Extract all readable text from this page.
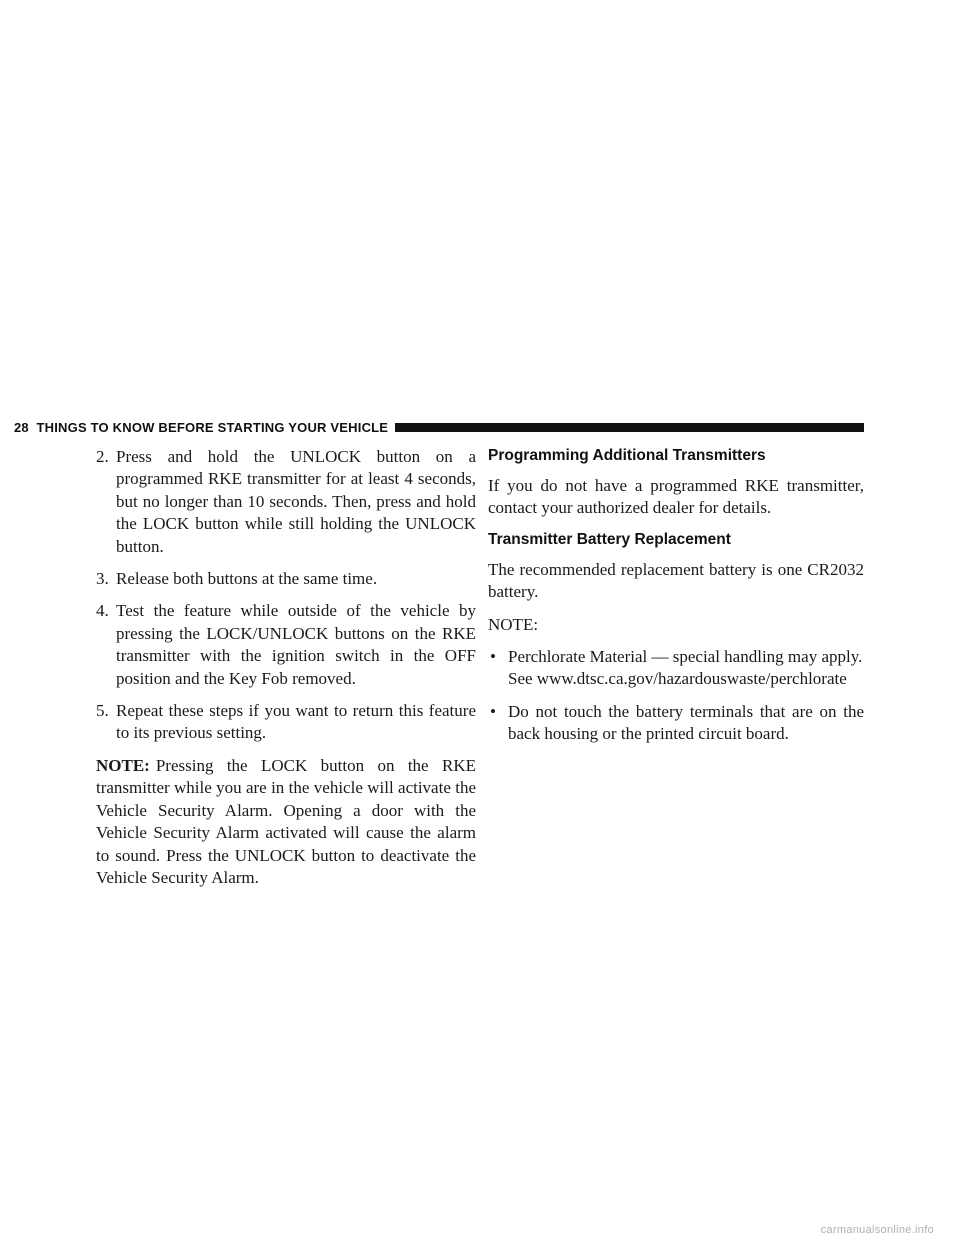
28 THINGS TO KNOW BEFORE STARTING YOUR VEHICLE
2. Press and hold the UNLOCK button on a programmed RKE transmitter for at least 4 seconds, but no longer than 10 seconds. Then, press and hold the LOCK button while still holding the UNLOCK button.
3. Release both buttons at the same time.
4. Test the feature while outside of the vehicle by pressing the LOCK/UNLOCK buttons on the RKE transmitter with the ignition switch in the OFF position and the Key Fob removed.
5. Repeat these steps if you want to return this feature to its previous setting.

NOTE: Pressing the LOCK button on the RKE transmitter while you are in the vehicle will activate the Vehicle Security Alarm. Opening a door with the Vehicle Security Alarm activated will cause the alarm to sound. Press the UNLOCK button to deactivate the Vehicle Security Alarm.

Programming Additional Transmitters

If you do not have a programmed RKE transmitter, contact your authorized dealer for details.

Transmitter Battery Replacement

The recommended replacement battery is one CR2032 battery.

NOTE:

• Perchlorate Material — special handling may apply.
See www.dtsc.ca.gov/hazardouswaste/perchlorate
• Do not touch the battery terminals that are on the back housing or the printed circuit board.
carmanualsonline.info
